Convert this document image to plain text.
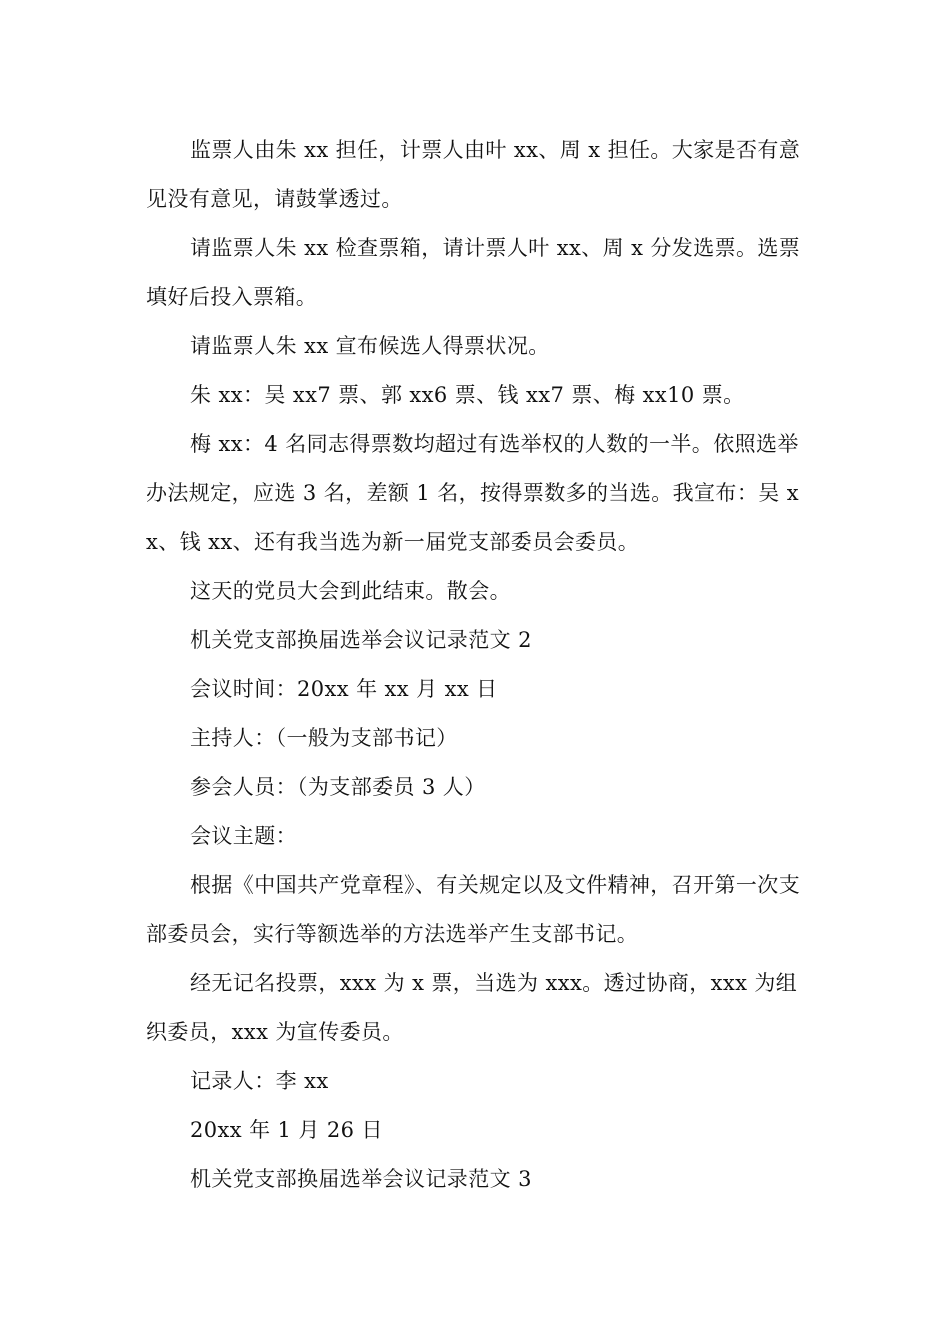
监票人由朱 xx 担任，计票人由叶 xx、周 x 担任。大家是否有意见没有意见，请鼓掌透过。

请监票人朱 xx 检查票箱，请计票人叶 xx、周 x 分发选票。选票填好后投入票箱。

请监票人朱 xx 宣布候选人得票状况。

朱 xx：吴 xx7 票、郭 xx6 票、钱 xx7 票、梅 xx10 票。

梅 xx：4 名同志得票数均超过有选举权的人数的一半。依照选举办法规定，应选 3 名，差额 1 名，按得票数多的当选。我宣布：吴 xx、钱 xx、还有我当选为新一届党支部委员会委员。

这天的党员大会到此结束。散会。

机关党支部换届选举会议记录范文 2

会议时间：20xx 年 xx 月 xx 日

主持人：（一般为支部书记）

参会人员：（为支部委员 3 人）

会议主题：

根据《中国共产党章程》、有关规定以及文件精神，召开第一次支部委员会，实行等额选举的方法选举产生支部书记。

经无记名投票，xxx 为 x 票，当选为 xxx。透过协商，xxx 为组织委员，xxx 为宣传委员。

记录人：李 xx

20xx 年 1 月 26 日

机关党支部换届选举会议记录范文 3
